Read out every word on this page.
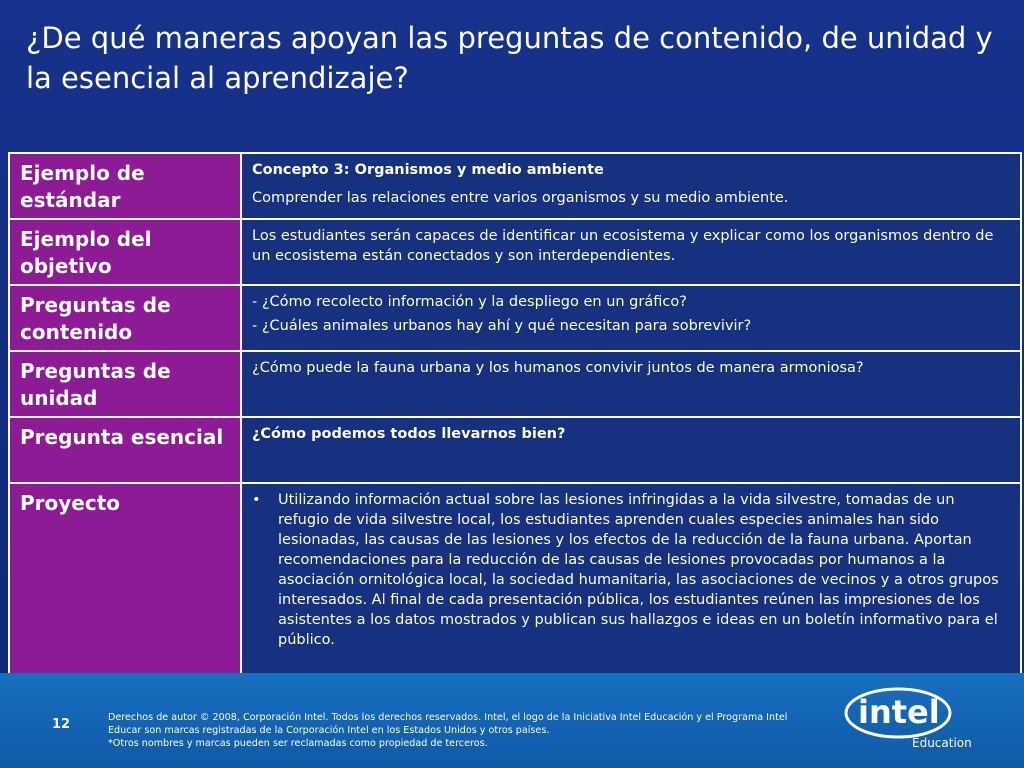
¿De qué maneras apoyan las preguntas de contenido, de unidad y la esencial al aprendizaje?
Ejemplo de estándar	Concepto 3: Organismos y medio ambiente
Comprender las relaciones entre varios organismos y su medio ambiente.

Ejemplo del objetivo	Los estudiantes serán capaces de identificar un ecosistema y explicar como los organismos dentro de un ecosistema están conectados y son interdependientes.

Preguntas de contenido	- ¿Cómo recolecto información y la despliego en un gráfico?
- ¿Cuáles animales urbanos hay ahí y qué necesitan para sobrevivir?

Preguntas de unidad	¿Cómo puede la fauna urbana y los humanos convivir juntos de manera armoniosa?

Pregunta esencial	¿Cómo podemos todos llevarnos bien?

Proyecto	• Utilizando información actual sobre las lesiones infringidas a la vida silvestre, tomadas de un refugio de vida silvestre local, los estudiantes aprenden cuales especies animales han sido lesionadas, las causas de las lesiones y los efectos de la reducción de la fauna urbana. Aportan recomendaciones para la reducción de las causas de lesiones provocadas por humanos a la asociación ornitológica local, la sociedad humanitaria, las asociaciones de vecinos y a otros grupos interesados. Al final de cada presentación pública, los estudiantes reúnen las impresiones de los asistentes a los datos mostrados y publican sus hallazgos e ideas en un boletín informativo para el público.
12	Derechos de autor © 2008, Corporación Intel. Todos los derechos reservados. Intel, el logo de la Iniciativa Intel Educación y el Programa Intel
Educar son marcas registradas de la Corporación Intel en los Estados Unidos y otros países.
*Otros nombres y marcas pueden ser reclamadas como propiedad de terceros.
intel
Education
